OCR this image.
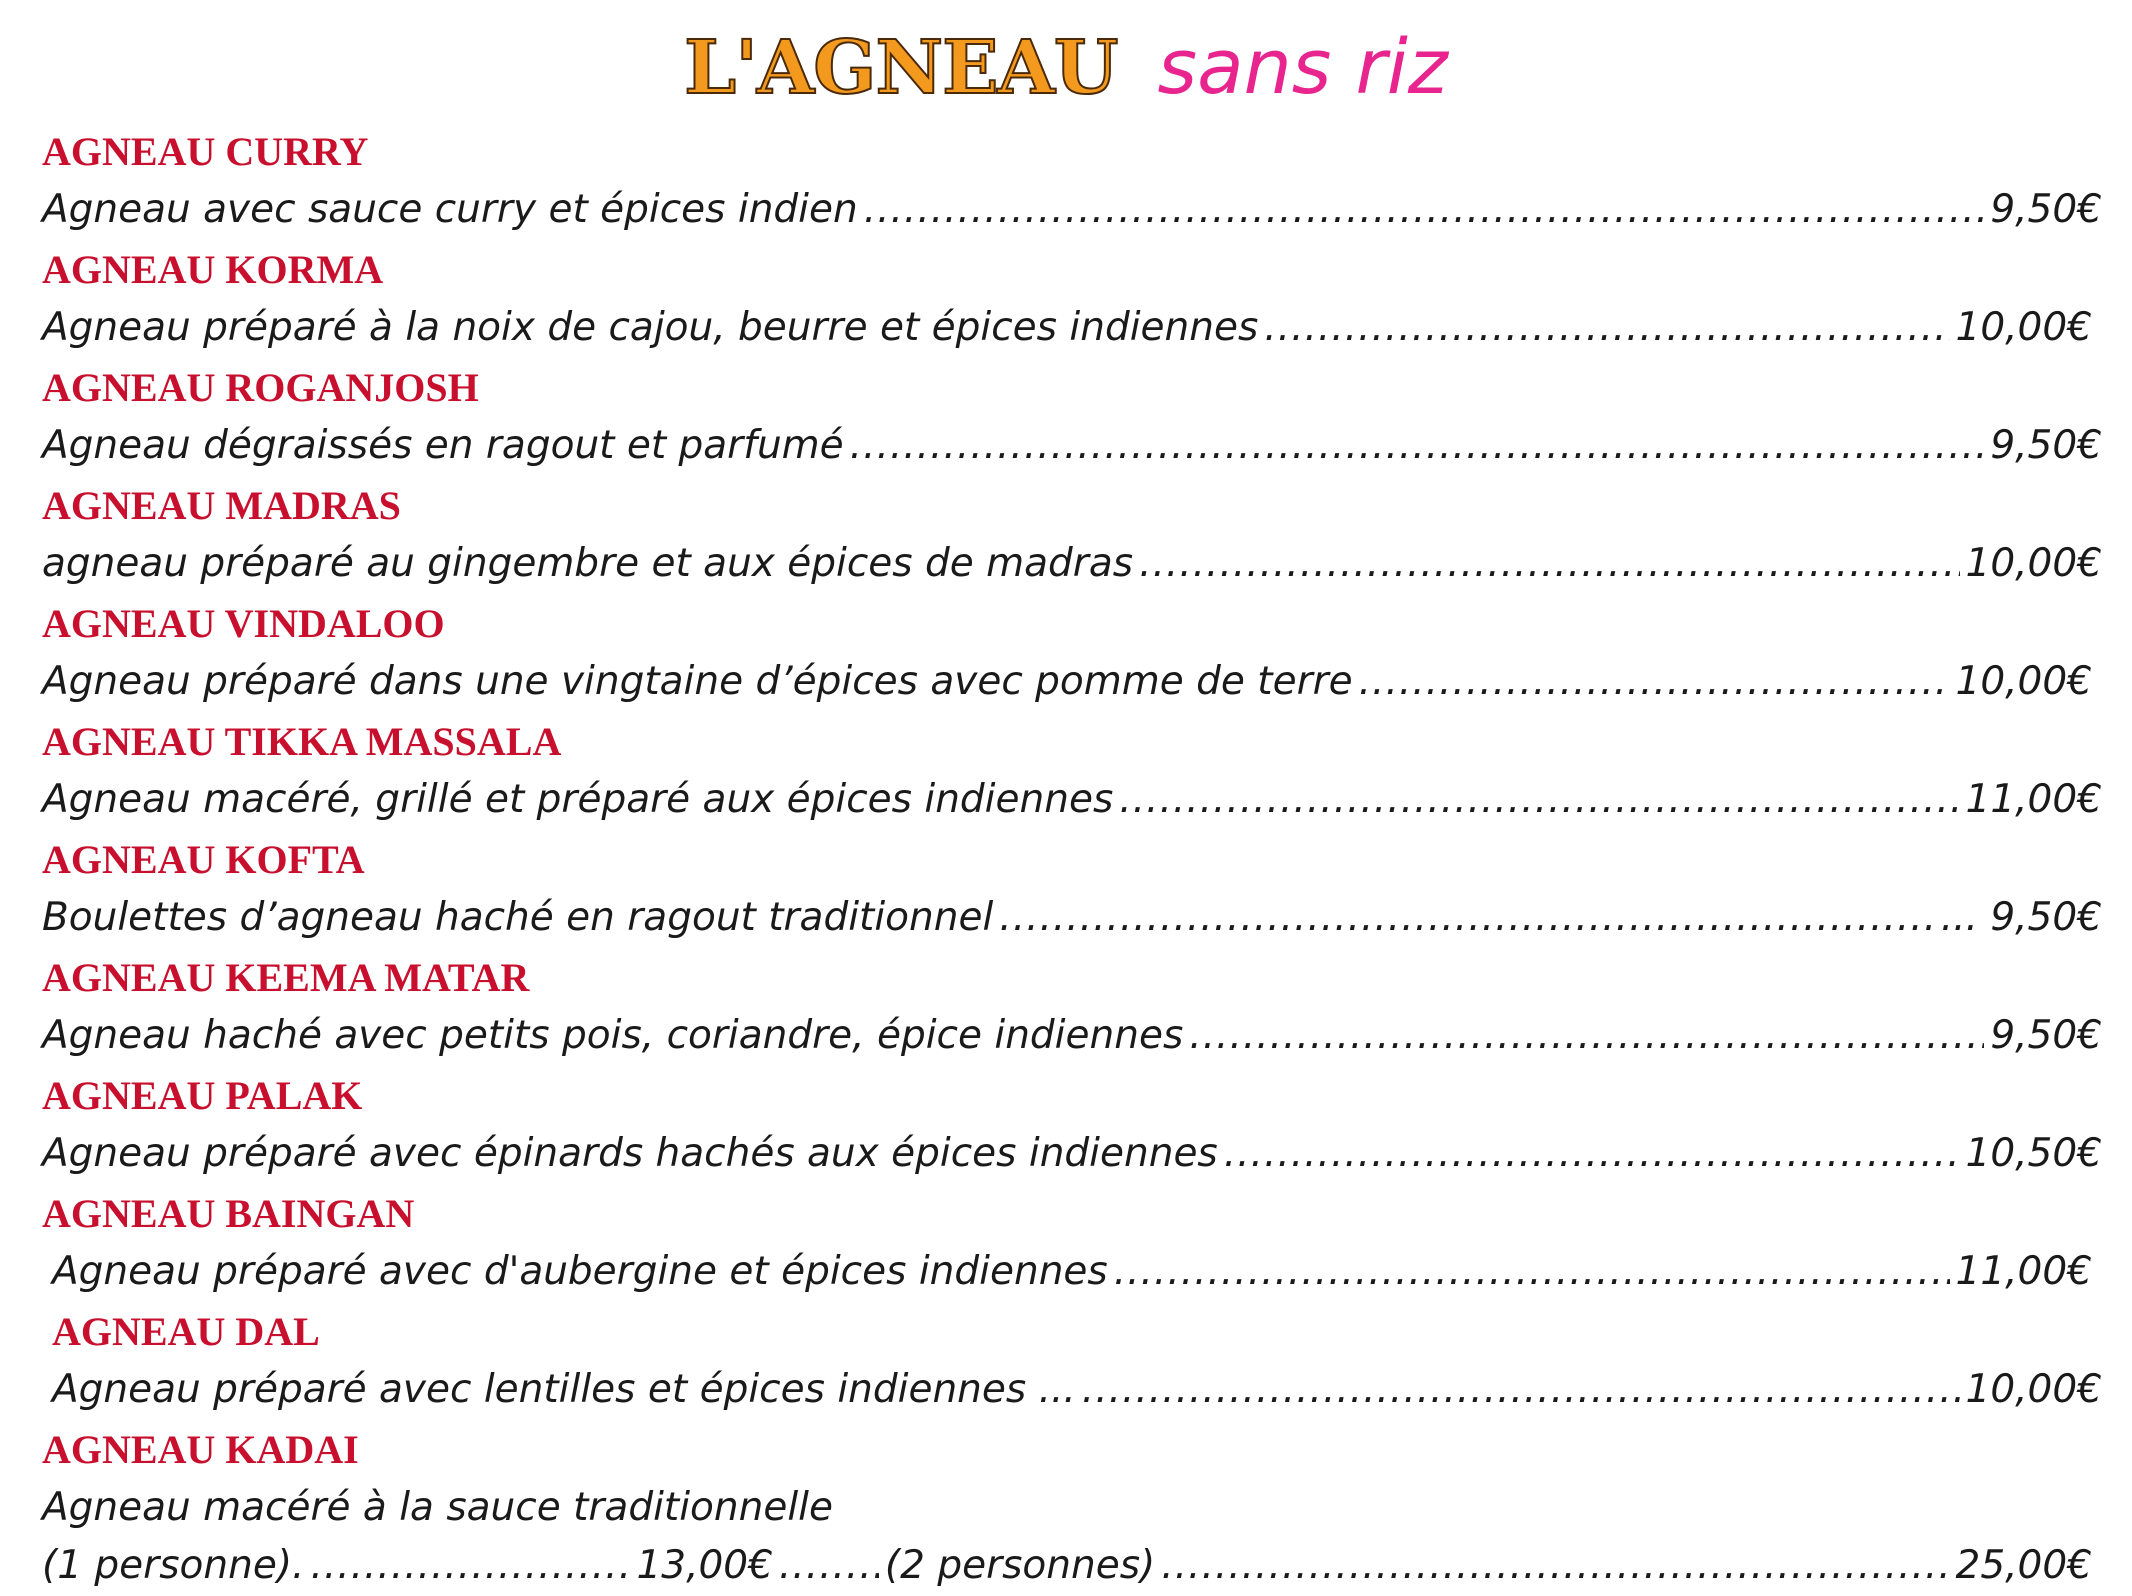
L'AGNEAU sans riz
AGNEAU CURRY
Agneau avec sauce curry et épices indien .....	9,50€
AGNEAU KORMA
Agneau préparé à la noix de cajou, beurre et épices indiennes .....	10,00€
AGNEAU ROGANJOSH
Agneau dégraissés en ragout et parfumé .....	9,50€
AGNEAU MADRAS
agneau préparé au gingembre et aux épices de madras .....	10,00€
AGNEAU VINDALOO
Agneau préparé dans une vingtaine d’épices avec pomme de terre .....	10,00€
AGNEAU TIKKA MASSALA
Agneau macéré, grillé et préparé aux épices indiennes .....	11,00€
AGNEAU KOFTA
Boulettes d’agneau haché en ragout traditionnel .....	... 9,50€
AGNEAU KEEMA MATAR
Agneau haché avec petits pois, coriandre, épice indiennes .....	9,50€
AGNEAU PALAK
Agneau préparé avec épinards hachés aux épices indiennes .....	10,50€
AGNEAU BAINGAN
Agneau préparé avec d'aubergine et épices indiennes .....	11,00€
AGNEAU DAL
Agneau préparé avec lentilles et épices indiennes ... .....	10,00€
AGNEAU KADAI
Agneau macéré à la sauce traditionnelle
(1 personne). .....	13,00€ .....	(2 personnes) .....	25,00€
